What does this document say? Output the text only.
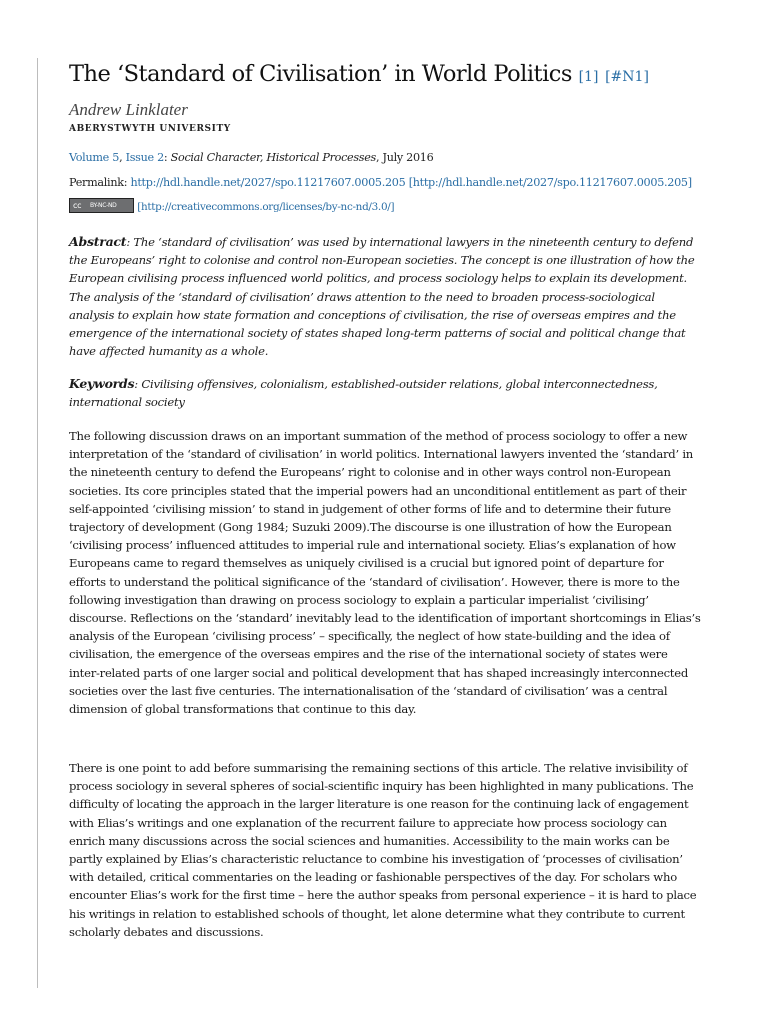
The ‘Standard of Civilisation’ in World Politics [1] [#N1]
Andrew Linklater
ABERYSTWYTH UNIVERSITY
Volume 5, Issue 2: Social Character, Historical Processes, July 2016
Permalink: http://hdl.handle.net/2027/spo.11217607.0005.205 [http://hdl.handle.net/2027/spo.11217607.0005.205]
cc BY-NC-ND [http://creativecommons.org/licenses/by-nc-nd/3.0/]

Abstract: The ‘standard of civilisation’ was used by international lawyers in the nineteenth century to defend the Europeans’ right to colonise and control non-European societies. The concept is one illustration of how the European civilising process influenced world politics, and process sociology helps to explain its development. The analysis of the ‘standard of civilisation’ draws attention to the need to broaden process-sociological analysis to explain how state formation and conceptions of civilisation, the rise of overseas empires and the emergence of the international society of states shaped long-term patterns of social and political change that have affected humanity as a whole.

Keywords: Civilising offensives, colonialism, established-outsider relations, global interconnectedness, international society

The following discussion draws on an important summation of the method of process sociology to offer a new interpretation of the ‘standard of civilisation’ in world politics. International lawyers invented the ‘standard’ in the nineteenth century to defend the Europeans’ right to colonise and in other ways control non-European societies. Its core principles stated that the imperial powers had an unconditional entitlement as part of their self-appointed ‘civilising mission’ to stand in judgement of other forms of life and to determine their future trajectory of development (Gong 1984; Suzuki 2009).The discourse is one illustration of how the European ‘civilising process’ influenced attitudes to imperial rule and international society. Elias’s explanation of how Europeans came to regard themselves as uniquely civilised is a crucial but ignored point of departure for efforts to understand the political significance of the ‘standard of civilisation’. However, there is more to the following investigation than drawing on process sociology to explain a particular imperialist ‘civilising’ discourse. Reflections on the ‘standard’ inevitably lead to the identification of important shortcomings in Elias’s analysis of the European ‘civilising process’ – specifically, the neglect of how state-building and the idea of civilisation, the emergence of the overseas empires and the rise of the international society of states were inter-related parts of one larger social and political development that has shaped increasingly interconnected societies over the last five centuries. The internationalisation of the ‘standard of civilisation’ was a central dimension of global transformations that continue to this day.

There is one point to add before summarising the remaining sections of this article. The relative invisibility of process sociology in several spheres of social-scientific inquiry has been highlighted in many publications. The difficulty of locating the approach in the larger literature is one reason for the continuing lack of engagement with Elias’s writings and one explanation of the recurrent failure to appreciate how process sociology can enrich many discussions across the social sciences and humanities. Accessibility to the main works can be partly explained by Elias’s characteristic reluctance to combine his investigation of ‘processes of civilisation’ with detailed, critical commentaries on the leading or fashionable perspectives of the day. For scholars who encounter Elias’s work for the first time – here the author speaks from personal experience – it is hard to place his writings in relation to established schools of thought, let alone determine what they contribute to current scholarly debates and discussions.
